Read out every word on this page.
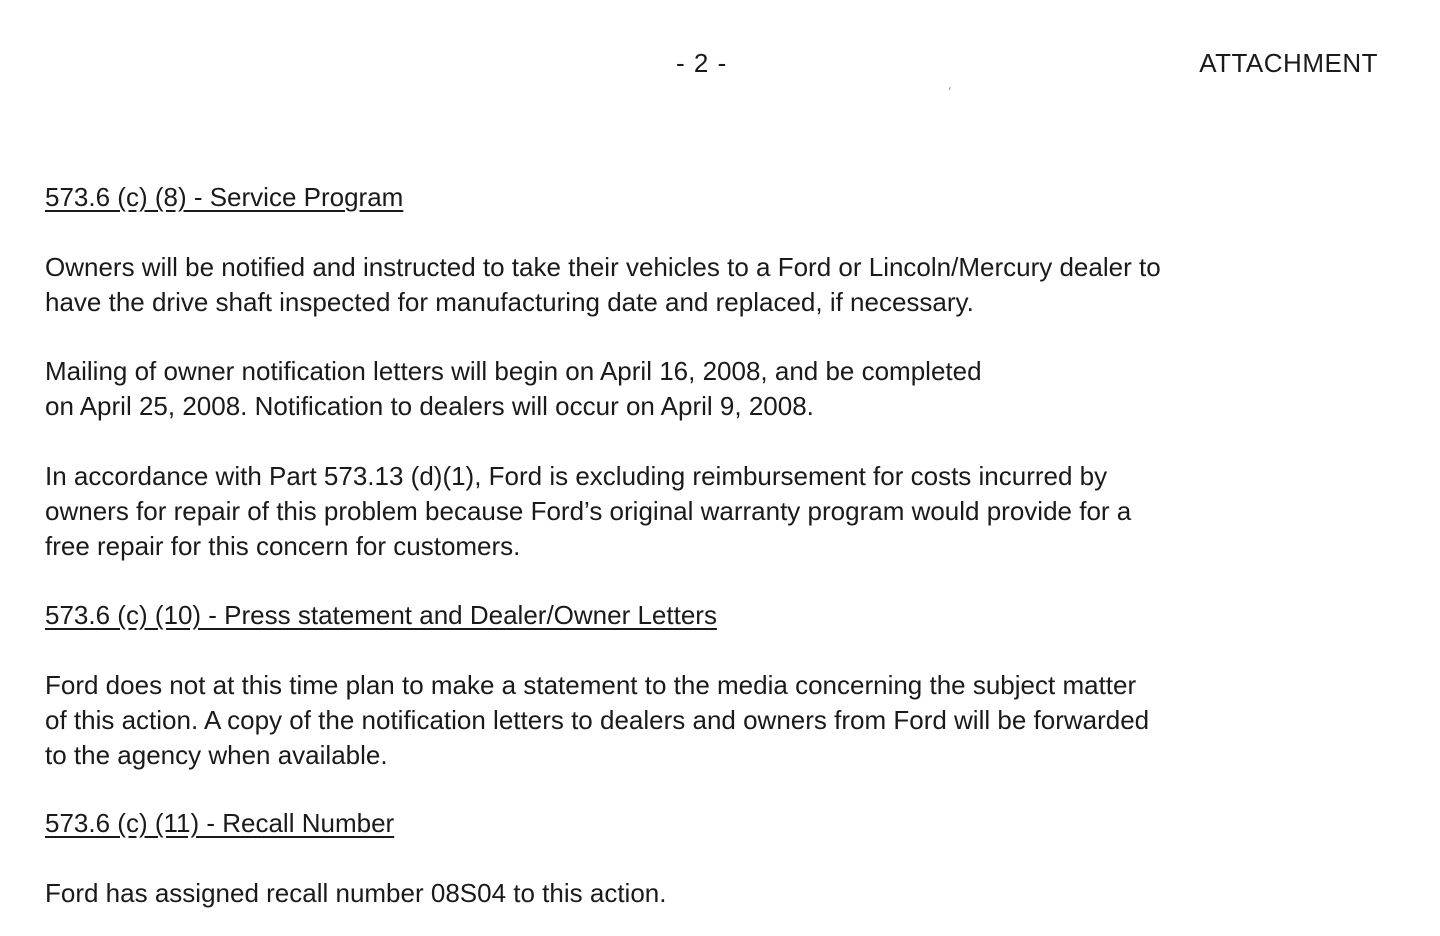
- 2 -	ATTACHMENT
´

573.6 (c) (8) - Service Program

Owners will be notified and instructed to take their vehicles to a Ford or Lincoln/Mercury dealer to
have the drive shaft inspected for manufacturing date and replaced, if necessary.

Mailing of owner notification letters will begin on April 16, 2008, and be completed
on April 25, 2008. Notification to dealers will occur on April 9, 2008.

In accordance with Part 573.13 (d)(1), Ford is excluding reimbursement for costs incurred by
owners for repair of this problem because Ford’s original warranty program would provide for a
free repair for this concern for customers.

573.6 (c) (10) - Press statement and Dealer/Owner Letters

Ford does not at this time plan to make a statement to the media concerning the subject matter
of this action. A copy of the notification letters to dealers and owners from Ford will be forwarded
to the agency when available.

573.6 (c) (11) - Recall Number

Ford has assigned recall number 08S04 to this action.
